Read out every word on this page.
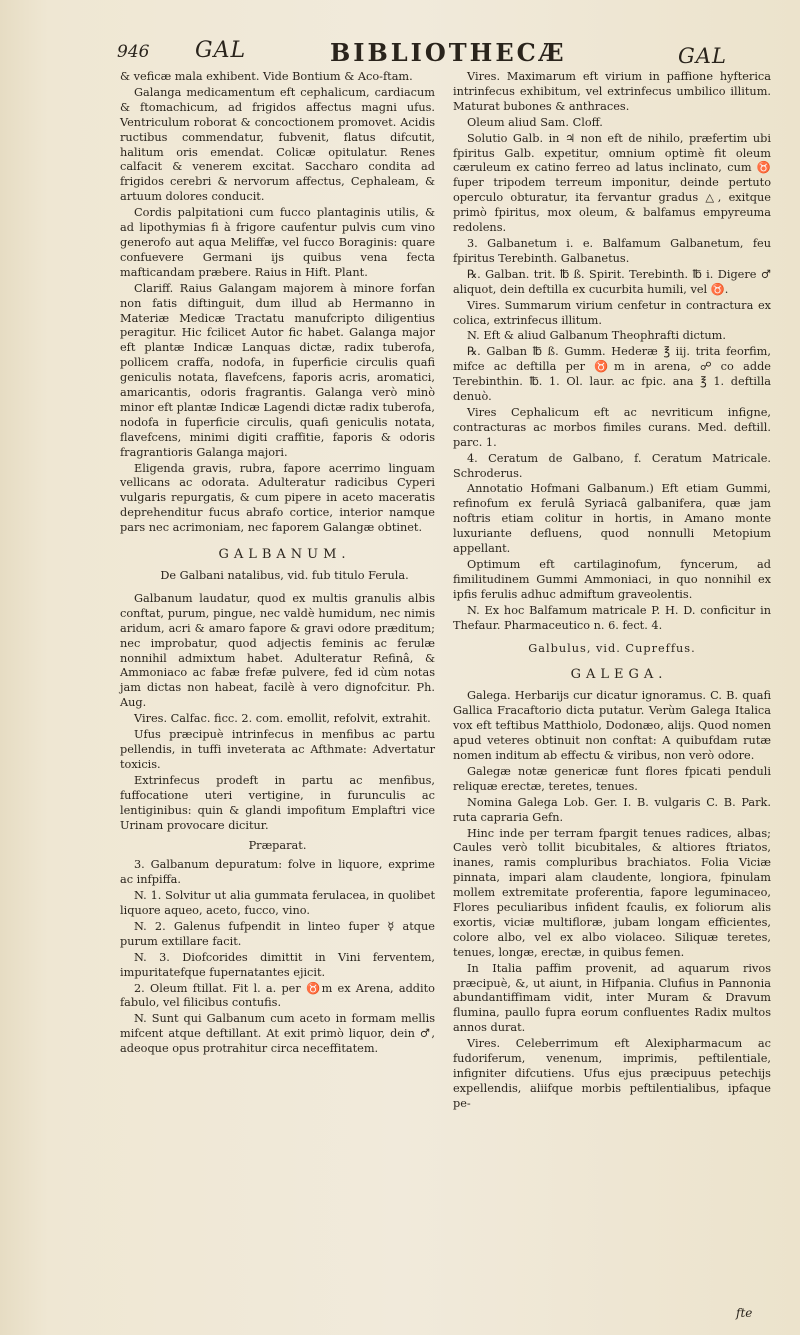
946 GAL	BIBLIOTHECÆ	GAL

& veficæ mala exhibent. Vide Bontium & Aco-ftam.

Galanga medicamentum eft cephalicum, cardiacum & ftomachicum, ad frigidos affectus magni ufus. Ventriculum roborat & concoctionem promovet. Acidis ructibus commendatur, fubvenit, flatus difcutit, halitum oris emendat. Colicæ opitulatur. Renes calfacit & venerem excitat. Saccharo condita ad frigidos cerebri & nervorum affectus, Cephaleam, & artuum dolores conducit.

Cordis palpitationi cum fucco plantaginis utilis, & ad lipothymias fi à frigore caufentur pulvis cum vino generofo aut aqua Meliffæ, vel fucco Boraginis: quare confuevere Germani ijs quibus vena fecta mafticandam præbere. Raius in Hift. Plant.

Clariff. Raius Galangam majorem à minore forfan non fatis diftinguit, dum illud ab Hermanno in Materiæ Medicæ Tractatu manufcripto diligentius peragitur. Hic fcilicet Autor fic habet. Galanga major eft plantæ Indicæ Lanquas dictæ, radix tuberofa, pollicem craffa, nodofa, in fuperficie circulis quafi geniculis notata, flavefcens, faporis acris, aromatici, amaricantis, odoris fragrantis. Galanga verò minò minor eft plantæ Indicæ Lagendi dictæ radix tuberofa, nodofa in fuperficie circulis, quafi geniculis notata, flavefcens, minimi digiti craffitie, faporis & odoris fragrantioris Galanga majori.

Eligenda gravis, rubra, fapore acerrimo linguam vellicans ac odorata. Adulteratur radicibus Cyperi vulgaris repurgatis, & cum pipere in aceto maceratis deprehenditur fucus abrafo cortice, interior namque pars nec acrimoniam, nec faporem Galangæ obtinet.

GALBANUM.

De Galbani natalibus, vid. fub titulo Ferula.

Galbanum laudatur, quod ex multis granulis albis conftat, purum, pingue, nec valdè humidum, nec nimis aridum, acri & amaro fapore & gravi odore præditum; nec improbatur, quod adjectis feminis ac ferulæ nonnihil admixtum habet. Adulteratur Refinâ, & Ammoniaco ac fabæ frefæ pulvere, fed id cùm notas jam dictas non habeat, facilè à vero dignofcitur. Ph. Aug.

Vires. Calfac. ficc. 2. com. emollit, refolvit, extrahit.

Ufus præcipuè intrinfecus in menfibus ac partu pellendis, in tuffi inveterata ac Afthmate: Advertatur toxicis.

Extrinfecus prodeft in partu ac menfibus, fuffocatione uteri vertigine, in furunculis ac lentiginibus: quin & glandi impofitum Emplaftri vice Urinam provocare dicitur.

Præparat.

3. Galbanum depuratum: folve in liquore, exprime ac infpiffa.

N. 1. Solvitur ut alia gummata ferulacea, in quolibet liquore aqueo, aceto, fucco, vino.

N. 2. Galenus fufpendit in linteo fuper ☿ atque purum extillare facit.

N. 3. Diofcorides dimittit in Vini ferventem, impuritatefque fupernatantes ejicit.

2. Oleum ftillat. Fit l. a. per ♉m ex Arena, addito fabulo, vel filicibus contufis.

N. Sunt qui Galbanum cum aceto in formam mellis mifcent atque deftillant. At exit primò liquor, dein ♂, adeoque opus protrahitur circa neceffitatem.

Vires. Maximarum eft virium in paffione hyfterica intrinfecus exhibitum, vel extrinfecus umbilico illitum. Maturat bubones & anthraces.

Oleum aliud Sam. Cloff.

Solutio Galb. in ♃ non eft de nihilo, præfertim ubi fpiritus Galb. expetitur, omnium optimè fit oleum cæruleum ex catino ferreo ad latus inclinato, cum ♉ fuper tripodem terreum imponitur, deinde pertuto operculo obturatur, ita fervantur gradus △, exitque primò fpiritus, mox oleum, & balfamus empyreuma redolens.

3. Galbanetum i. e. Balfamum Galbanetum, feu fpiritus Terebinth. Galbanetus.

℞. Galban. trit. ℔ ß. Spirit. Terebinth. ℔ i. Digere ♂ aliquot, dein deftilla ex cucurbita humili, vel ♉.

Vires. Summarum virium cenfetur in contractura ex colica, extrinfecus illitum.

N. Eft & aliud Galbanum Theophrafti dictum.

℞. Galban ℔ ß. Gumm. Hederæ ℥ iij. trita feorfim, mifce ac deftilla per ♉m in arena, ☍ co adde Terebinthin. ℔. 1. Ol. laur. ac fpic. ana ℥ 1. deftilla denuò.

Vires Cephalicum eft ac nevriticum infigne, contracturas ac morbos fimiles curans. Med. deftill. parc. 1.

4. Ceratum de Galbano, f. Ceratum Matricale. Schroderus.

Annotatio Hofmani Galbanum.) Eft etiam Gummi, refinofum ex ferulâ Syriacâ galbanifera, quæ jam noftris etiam colitur in hortis, in Amano monte luxuriante defluens, quod nonnulli Metopium appellant.

Optimum eft cartilaginofum, fyncerum, ad fimilitudinem Gummi Ammoniaci, in quo nonnihil ex ipfis ferulis adhuc admiftum graveolentis.

N. Ex hoc Balfamum matricale P. H. D. conficitur in Thefaur. Pharmaceutico n. 6. fect. 4.

Galbulus, vid. Cupreffus.

GALEGA.

Galega. Herbarijs cur dicatur ignoramus. C. B. quafi Gallica Fracaftorio dicta putatur. Verùm Galega Italica vox eft teftibus Matthiolo, Dodonæo, alijs. Quod nomen apud veteres obtinuit non conftat: A quibufdam rutæ nomen inditum ab effectu & viribus, non verò odore.

Galegæ notæ genericæ funt flores fpicati penduli reliquæ erectæ, teretes, tenues.

Nomina Galega Lob. Ger. I. B. vulgaris C. B. Park. ruta capraria Gefn.

Hinc inde per terram fpargit tenues radices, albas; Caules verò tollit bicubitales, & altiores ftriatos, inanes, ramis compluribus brachiatos. Folia Viciæ pinnata, impari alam claudente, longiora, fpinulam mollem extremitate proferentia, fapore leguminaceo, Flores peculiaribus infident fcaulis, ex foliorum alis exortis, viciæ multifloræ, jubam longam efficientes, colore albo, vel ex albo violaceo. Siliquæ teretes, tenues, longæ, erectæ, in quibus femen.

In Italia paffim provenit, ad aquarum rivos præcipuè, &, ut aiunt, in Hifpania. Clufius in Pannonia abundantiffimam vidit, inter Muram & Dravum flumina, paullo fupra eorum confluentes Radix multos annos durat.

Vires. Celeberrimum eft Alexipharmacum ac fudoriferum, venenum, imprimis, peftilentiale, infigniter difcutiens. Ufus ejus præcipuus petechijs expellendis, aliifque morbis peftilentialibus, ipfaque pe-

fte
